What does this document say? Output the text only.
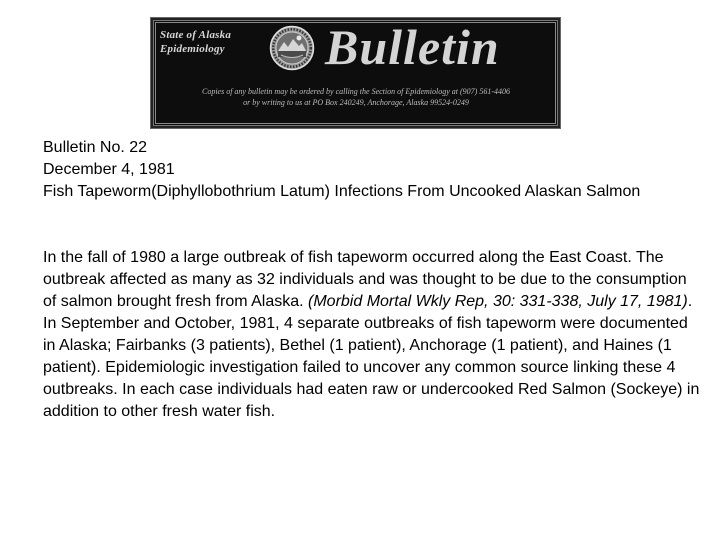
State of Alaska
Epidemiology	Bulletin
Copies of any bulletin may be ordered by calling the Section of Epidemiology at (907) 561-4406
or by writing to us at PO Box 240249, Anchorage, Alaska 99524-0249
Bulletin No. 22
December 4, 1981
Fish Tapeworm(Diphyllobothrium Latum) Infections From Uncooked Alaskan Salmon

In the fall of 1980 a large outbreak of fish tapeworm occurred along the East Coast. The outbreak affected as many as 32 individuals and was thought to be due to the consumption of salmon brought fresh from Alaska. (Morbid Mortal Wkly Rep, 30: 331-338, July 17, 1981). In September and October, 1981, 4 separate outbreaks of fish tapeworm were documented in Alaska; Fairbanks (3 patients), Bethel (1 patient), Anchorage (1 patient), and Haines (1 patient). Epidemiologic investigation failed to uncover any common source linking these 4 outbreaks. In each case individuals had eaten raw or undercooked Red Salmon (Sockeye) in addition to other fresh water fish.
